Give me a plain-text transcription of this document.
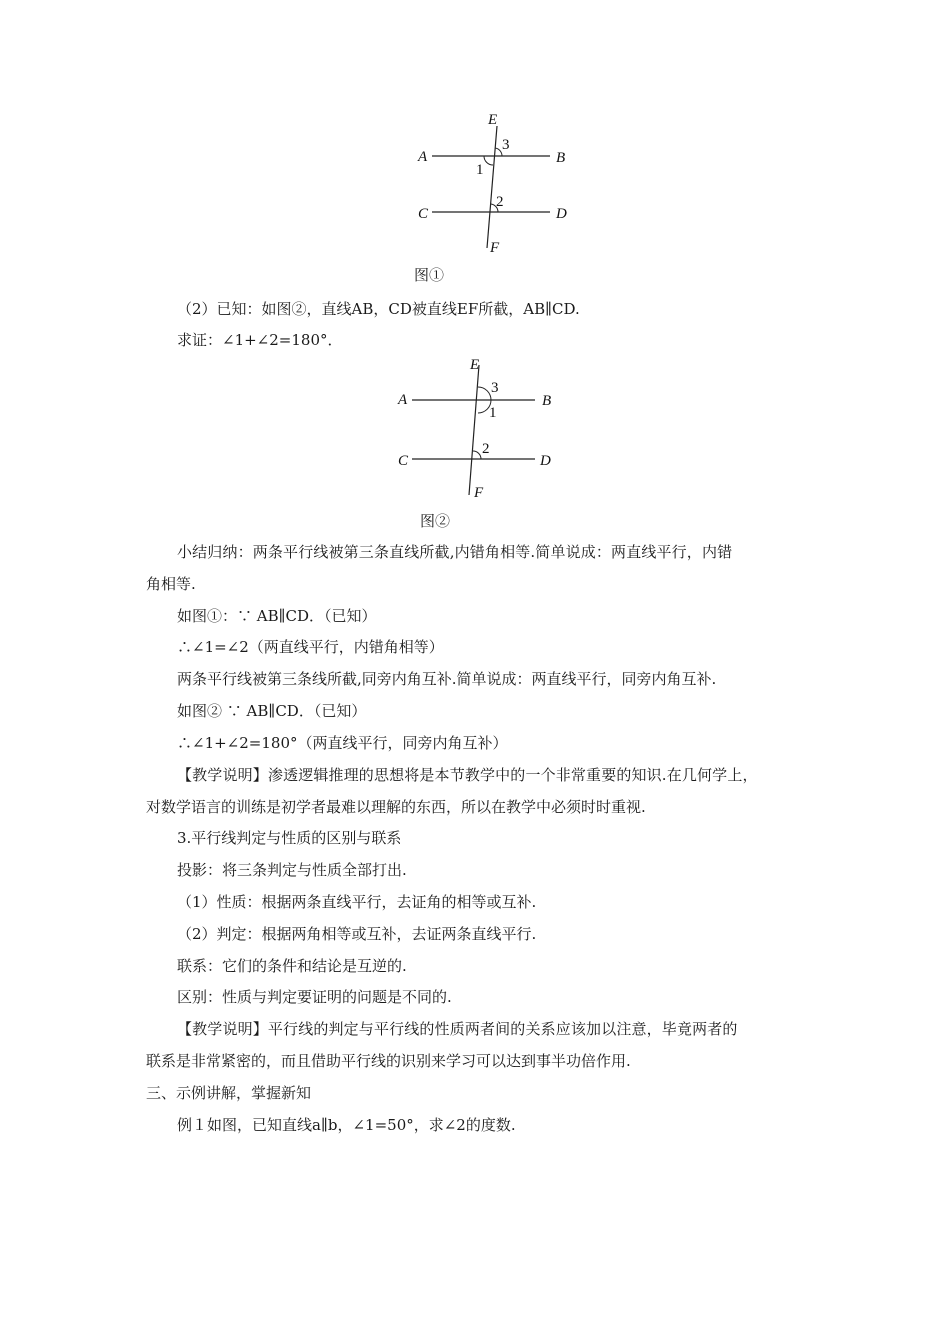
E
A	B
3
1
2
C	D
F
图①
（2）已知：如图②，直线AB，CD被直线EF所截，AB∥CD.
求证：∠1+∠2=180°．
E
A	B
3
1
2
C	D
F
图②
小结归纳：两条平行线被第三条直线所截,内错角相等.简单说成：两直线平行，内错
角相等.
如图①：∵ AB∥CD．（已知）
∴∠1=∠2（两直线平行，内错角相等）
两条平行线被第三条线所截,同旁内角互补.简单说成：两直线平行，同旁内角互补.
如图② ∵ AB∥CD．（已知）
∴∠1+∠2=180°（两直线平行，同旁内角互补）
【教学说明】渗透逻辑推理的思想将是本节教学中的一个非常重要的知识.在几何学上，
对数学语言的训练是初学者最难以理解的东西，所以在教学中必须时时重视.
3.平行线判定与性质的区别与联系
投影：将三条判定与性质全部打出.
（1）性质：根据两条直线平行，去证角的相等或互补.
（2）判定：根据两角相等或互补，去证两条直线平行.
联系：它们的条件和结论是互逆的.
区别：性质与判定要证明的问题是不同的.
【教学说明】平行线的判定与平行线的性质两者间的关系应该加以注意，毕竟两者的
联系是非常紧密的，而且借助平行线的识别来学习可以达到事半功倍作用.
三、示例讲解，掌握新知
例１如图，已知直线a∥b，∠1=50°，求∠2的度数.
